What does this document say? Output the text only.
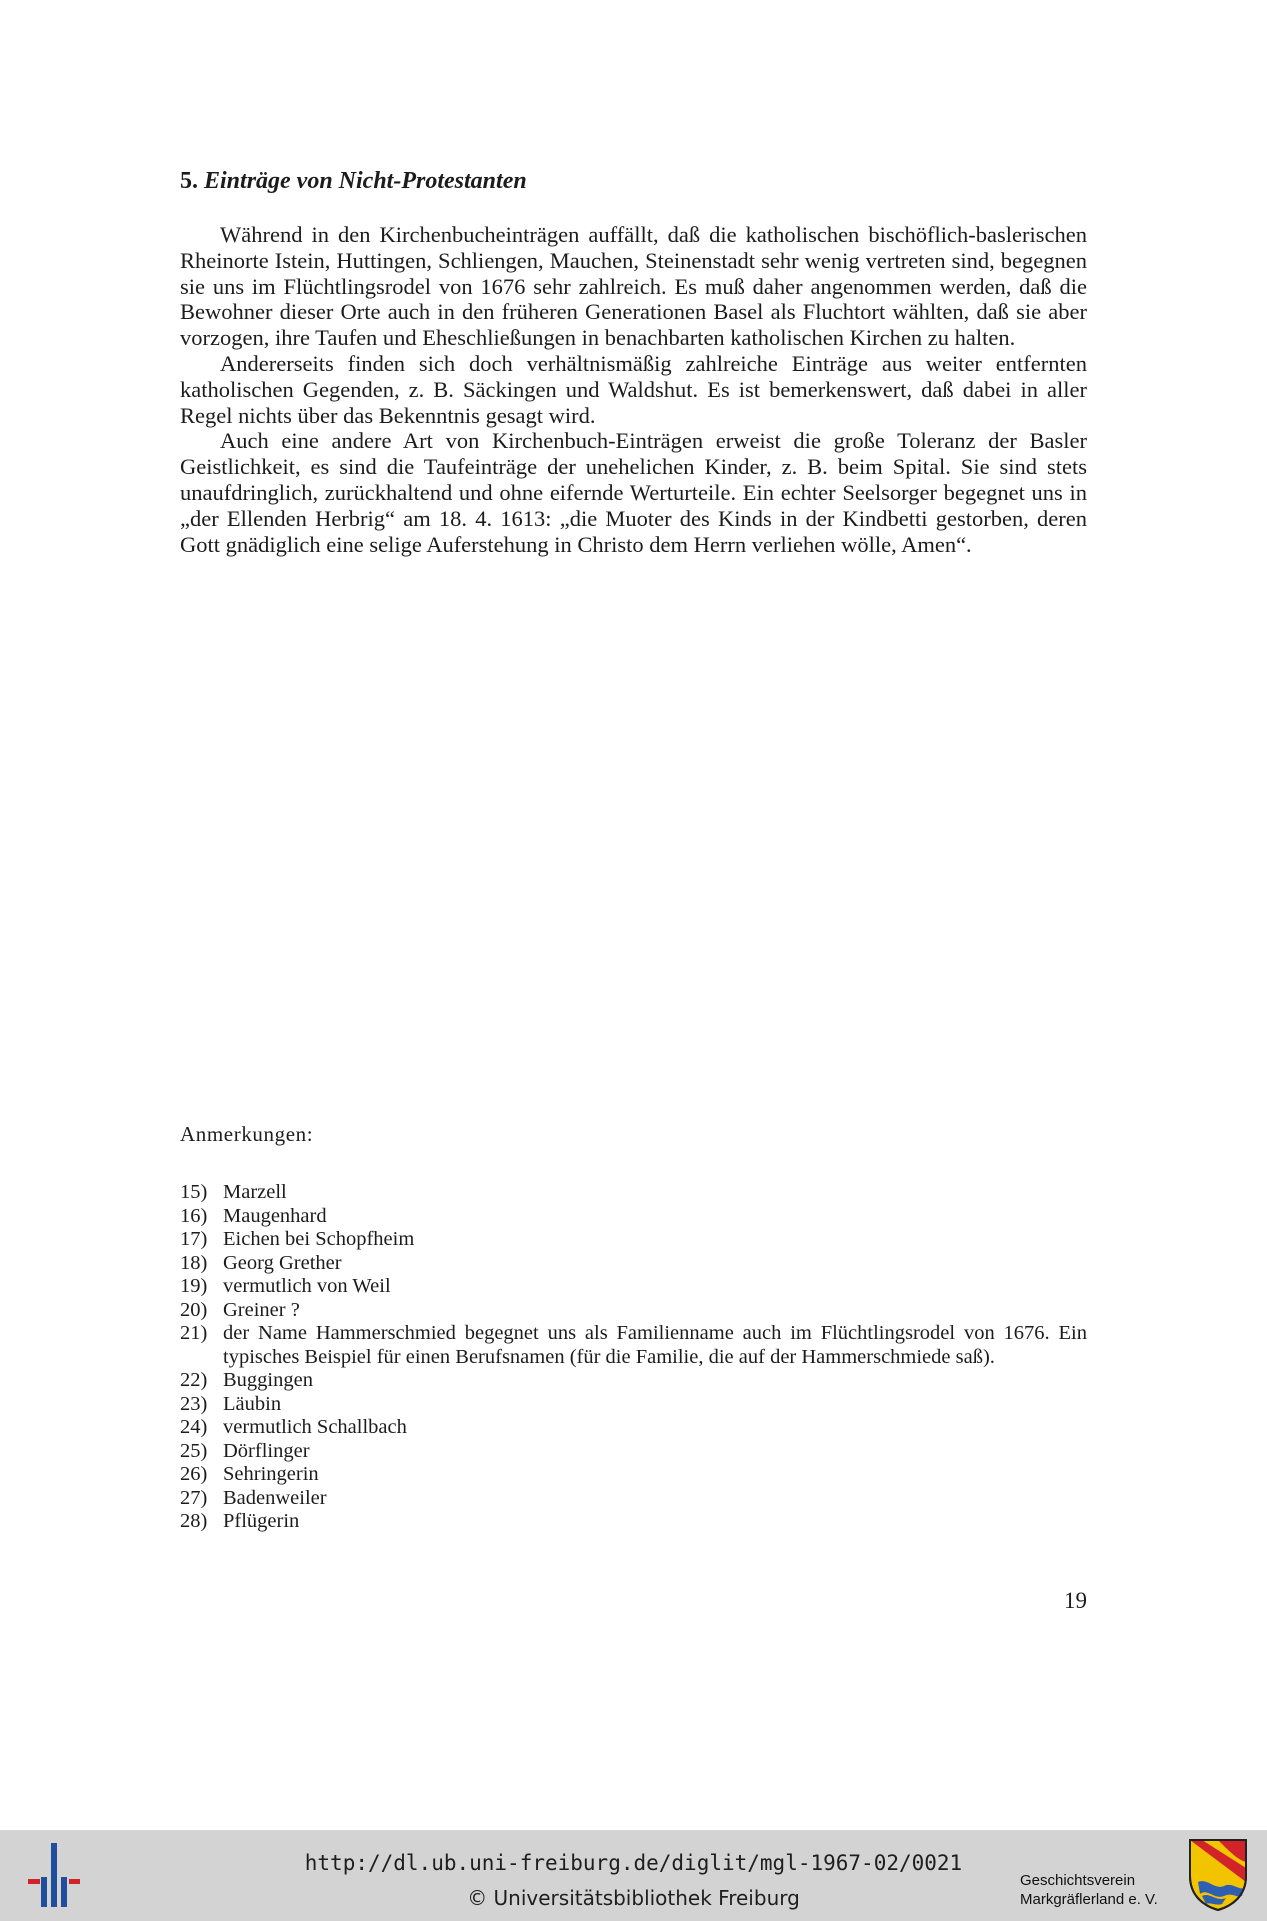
5. Einträge von Nicht-Protestanten

Während in den Kirchenbucheinträgen auffällt, daß die katholischen bischöflich-baslerischen Rheinorte Istein, Huttingen, Schliengen, Mauchen, Steinenstadt sehr wenig vertreten sind, begegnen sie uns im Flüchtlingsrodel von 1676 sehr zahlreich. Es muß daher angenommen werden, daß die Bewohner dieser Orte auch in den früheren Generationen Basel als Fluchtort wählten, daß sie aber vorzogen, ihre Taufen und Eheschließungen in benachbarten katholischen Kirchen zu halten.

Andererseits finden sich doch verhältnismäßig zahlreiche Einträge aus weiter entfernten katholischen Gegenden, z. B. Säckingen und Waldshut. Es ist bemerkenswert, daß dabei in aller Regel nichts über das Bekenntnis gesagt wird.

Auch eine andere Art von Kirchenbuch-Einträgen erweist die große Toleranz der Basler Geistlichkeit, es sind die Taufeinträge der unehelichen Kinder, z. B. beim Spital. Sie sind stets unaufdringlich, zurückhaltend und ohne eifernde Werturteile. Ein echter Seelsorger begegnet uns in „der Ellenden Herbrig“ am 18. 4. 1613: „die Muoter des Kinds in der Kindbetti gestorben, deren Gott gnädiglich eine selige Auferstehung in Christo dem Herrn verliehen wölle, Amen“.

Anmerkungen:

15) Marzell
16) Maugenhard
17) Eichen bei Schopfheim
18) Georg Grether
19) vermutlich von Weil
20) Greiner ?
21) der Name Hammerschmied begegnet uns als Familienname auch im Flüchtlingsrodel von 1676. Ein typisches Beispiel für einen Berufsnamen (für die Familie, die auf der Hammerschmiede saß).
22) Buggingen
23) Läubin
24) vermutlich Schallbach
25) Dörflinger
26) Sehringerin
27) Badenweiler
28) Pflügerin
19
http://dl.ub.uni-freiburg.de/diglit/mgl-1967-02/0021
© Universitätsbibliothek Freiburg
Geschichtsverein
Markgräflerland e. V.
